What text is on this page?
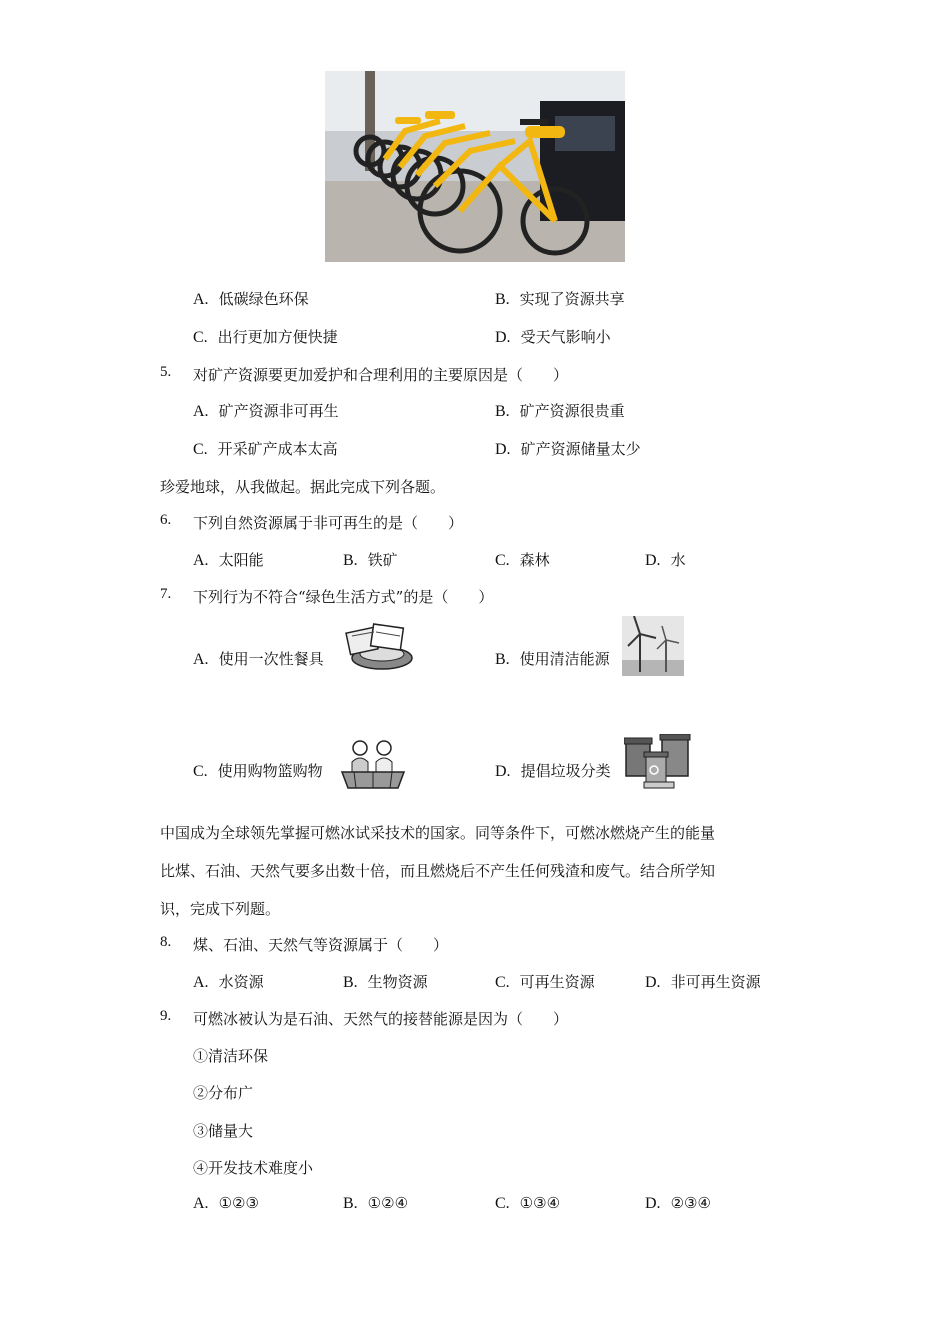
A. 低碳绿色环保	B. 实现了资源共享
C. 出行更加方便快捷	D. 受天气影响小
5. 对矿产资源要更加爱护和合理利用的主要原因是（　　）
A. 矿产资源非可再生	B. 矿产资源很贵重
C. 开采矿产成本太高	D. 矿产资源储量太少
珍爱地球，从我做起。据此完成下列各题。
6. 下列自然资源属于非可再生的是（　　）
A. 太阳能	B. 铁矿	C. 森林	D. 水
7. 下列行为不符合“绿色生活方式”的是（　　）
A. 使用一次性餐具	B. 使用清洁能源
C. 使用购物篮购物	D. 提倡垃圾分类
中国成为全球领先掌握可燃冰试采技术的国家。同等条件下，可燃冰燃烧产生的能量
比煤、石油、天然气要多出数十倍，而且燃烧后不产生任何残渣和废气。结合所学知
识，完成下列题。
8. 煤、石油、天然气等资源属于（　　）
A. 水资源	B. 生物资源	C. 可再生资源	D. 非可再生资源
9. 可燃冰被认为是石油、天然气的接替能源是因为（　　）
①清洁环保
②分布广
③储量大
④开发技术难度小
A. ①②③	B. ①②④	C. ①③④	D. ②③④
